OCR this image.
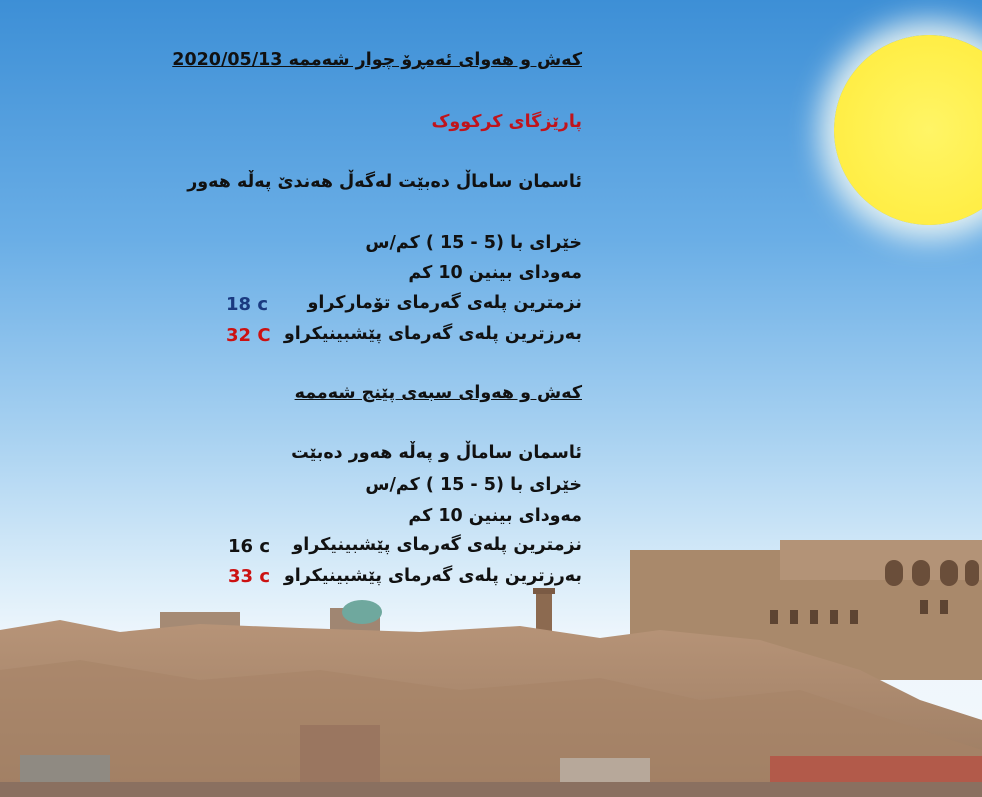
کەش و هەوای ئەمڕۆ چوار شەممە 2020/05/13
پارێزگای کرکووک
ئاسمان ساماڵ دەبێت لەگەڵ هەندێ پەڵە هەور
خێرای با (5 - 15 ) کم/س
مەودای بینین 10 کم
نزمترین پلەی گەرمای تۆمارکراو
بەرزترین پلەی گەرمای پێشبینیکراو
کەش و هەوای سبەی پێنج شەممە
ئاسمان ساماڵ و پەڵە هەور دەبێت
خێرای با (5 - 15 ) کم/س
مەودای بینین 10 کم
نزمترین پلەی گەرمای پێشبینیکراو
بەرزترین پلەی گەرمای پێشبینیکراو
18 c
32 C
16 c
33 c
